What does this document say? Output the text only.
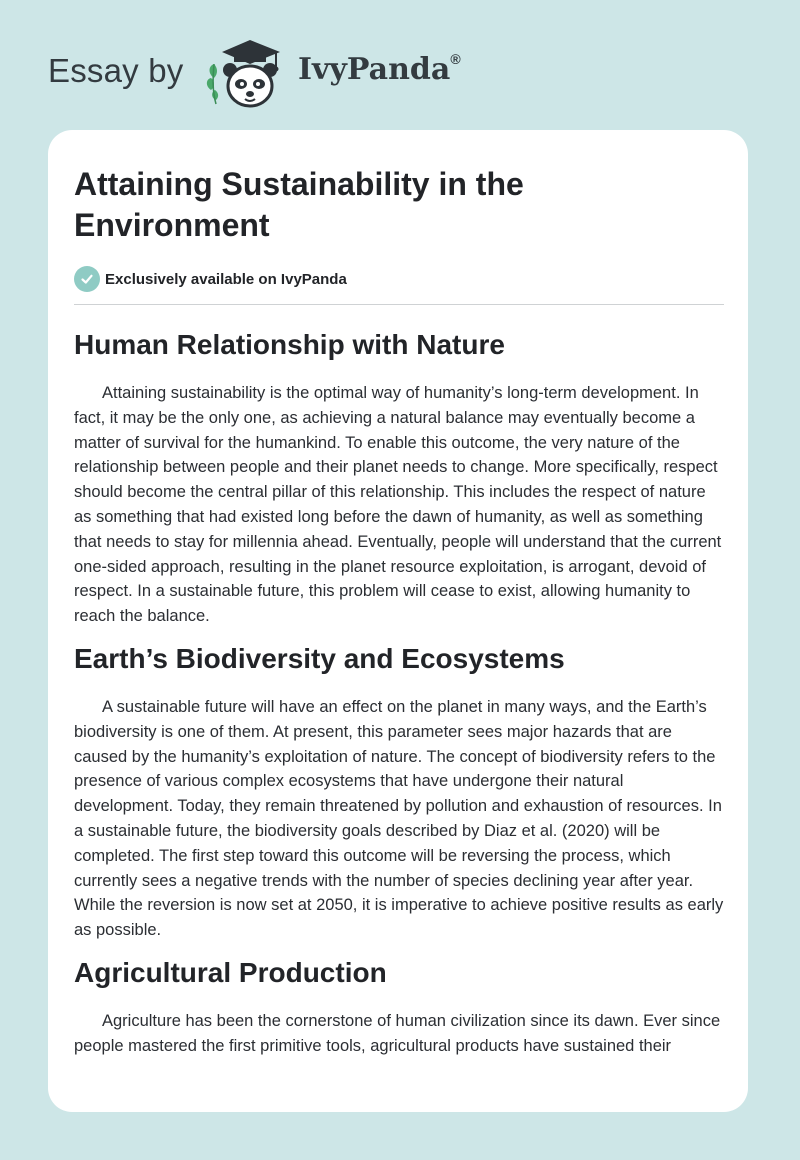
Essay by	IvyPanda®
Attaining Sustainability in the Environment
Exclusively available on IvyPanda
Human Relationship with Nature

Attaining sustainability is the optimal way of humanity’s long-term development. In fact, it may be the only one, as achieving a natural balance may eventually become a matter of survival for the humankind. To enable this outcome, the very nature of the relationship between people and their planet needs to change. More specifically, respect should become the central pillar of this relationship. This includes the respect of nature as something that had existed long before the dawn of humanity, as well as something that needs to stay for millennia ahead. Eventually, people will understand that the current one-sided approach, resulting in the planet resource exploitation, is arrogant, devoid of respect. In a sustainable future, this problem will cease to exist, allowing humanity to reach the balance.

Earth’s Biodiversity and Ecosystems

A sustainable future will have an effect on the planet in many ways, and the Earth’s biodiversity is one of them. At present, this parameter sees major hazards that are caused by the humanity’s exploitation of nature. The concept of biodiversity refers to the presence of various complex ecosystems that have undergone their natural development. Today, they remain threatened by pollution and exhaustion of resources. In a sustainable future, the biodiversity goals described by Diaz et al. (2020) will be completed. The first step toward this outcome will be reversing the process, which currently sees a negative trends with the number of species declining year after year. While the reversion is now set at 2050, it is imperative to achieve positive results as early as possible.

Agricultural Production

Agriculture has been the cornerstone of human civilization since its dawn. Ever since people mastered the first primitive tools, agricultural products have sustained their
